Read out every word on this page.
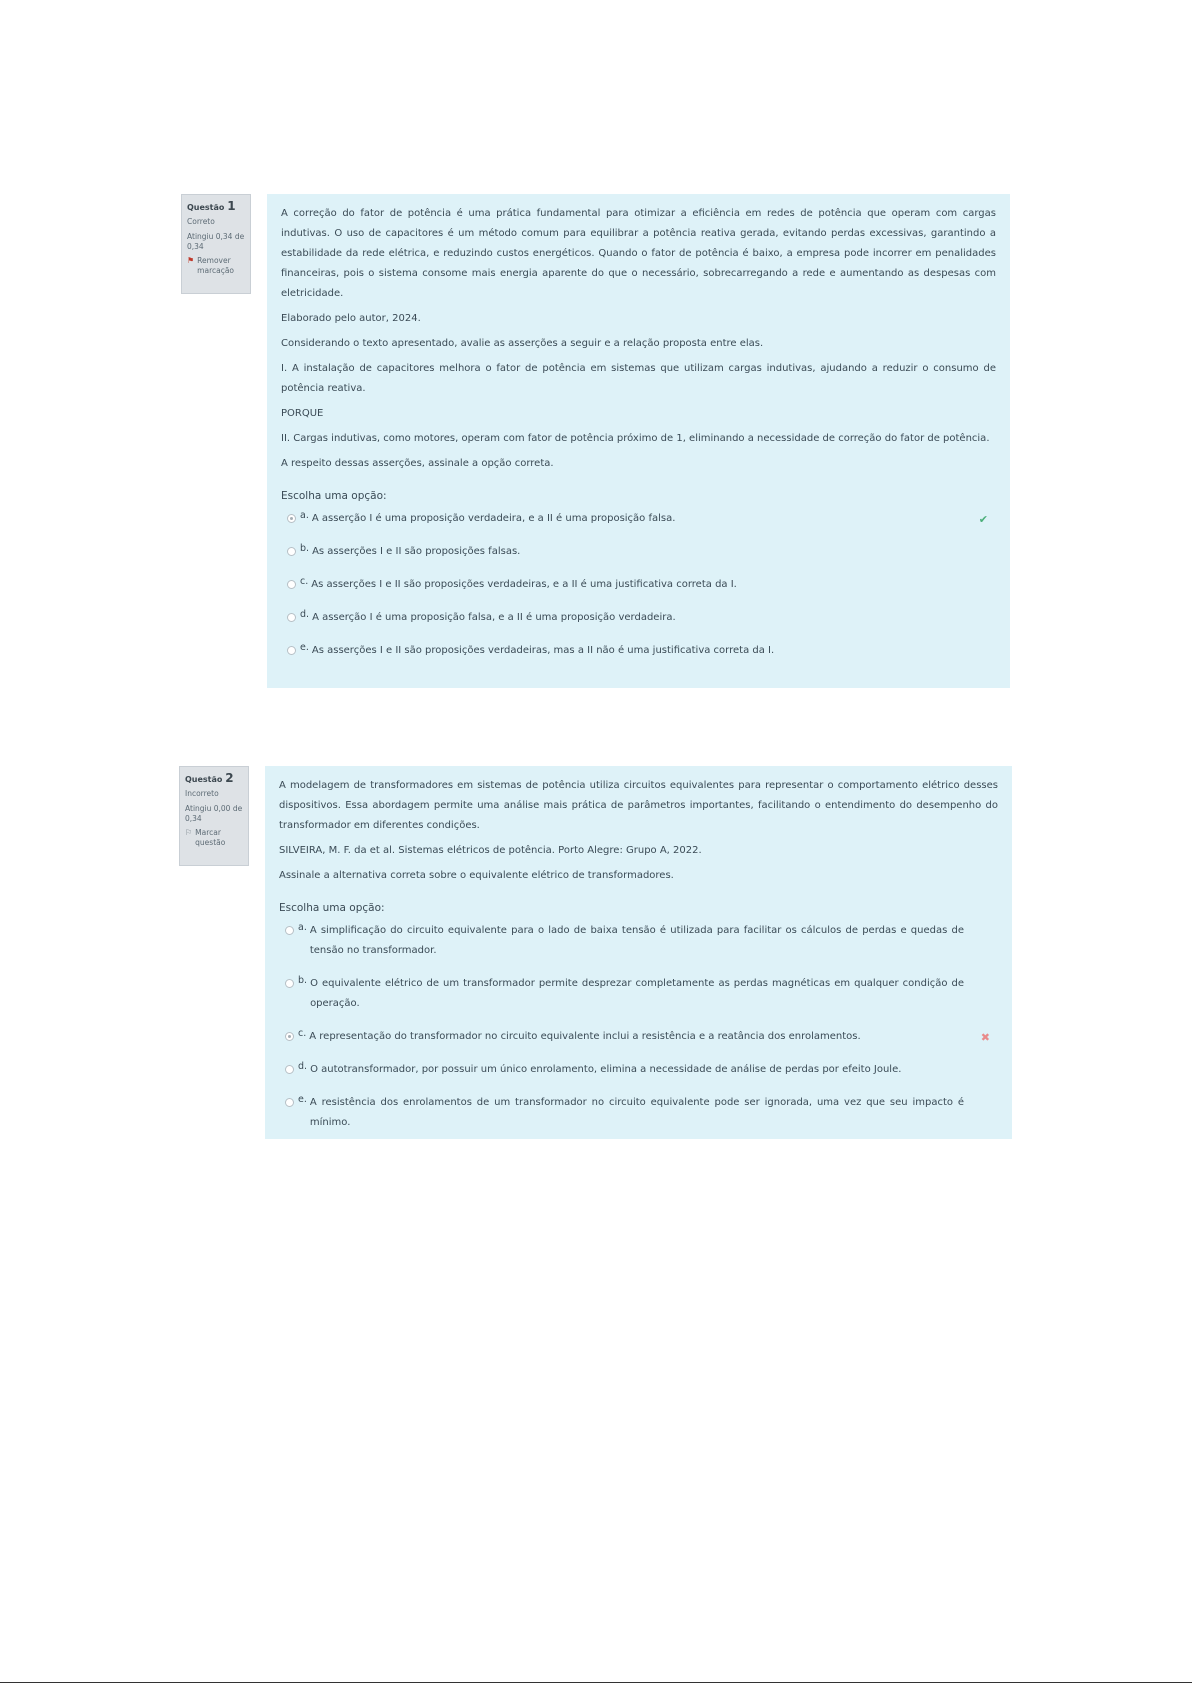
Questão 1
Correto
Atingiu 0,34 de 0,34
⚑ Remover marcação

A correção do fator de potência é uma prática fundamental para otimizar a eficiência em redes de potência que operam com cargas indutivas. O uso de capacitores é um método comum para equilibrar a potência reativa gerada, evitando perdas excessivas, garantindo a estabilidade da rede elétrica, e reduzindo custos energéticos. Quando o fator de potência é baixo, a empresa pode incorrer em penalidades financeiras, pois o sistema consome mais energia aparente do que o necessário, sobrecarregando a rede e aumentando as despesas com eletricidade.

Elaborado pelo autor, 2024.

Considerando o texto apresentado, avalie as asserções a seguir e a relação proposta entre elas.

I. A instalação de capacitores melhora o fator de potência em sistemas que utilizam cargas indutivas, ajudando a reduzir o consumo de potência reativa.

PORQUE

II. Cargas indutivas, como motores, operam com fator de potência próximo de 1, eliminando a necessidade de correção do fator de potência.

A respeito dessas asserções, assinale a opção correta.

Escolha uma opção:
a. A asserção I é uma proposição verdadeira, e a II é uma proposição falsa.	✔
b. As asserções I e II são proposições falsas.
c. As asserções I e II são proposições verdadeiras, e a II é uma justificativa correta da I.
d. A asserção I é uma proposição falsa, e a II é uma proposição verdadeira.
e. As asserções I e II são proposições verdadeiras, mas a II não é uma justificativa correta da I.
Questão 2
Incorreto
Atingiu 0,00 de 0,34
⚐ Marcar questão

A modelagem de transformadores em sistemas de potência utiliza circuitos equivalentes para representar o comportamento elétrico desses dispositivos. Essa abordagem permite uma análise mais prática de parâmetros importantes, facilitando o entendimento do desempenho do transformador em diferentes condições.

SILVEIRA, M. F. da et al. Sistemas elétricos de potência. Porto Alegre: Grupo A, 2022.

Assinale a alternativa correta sobre o equivalente elétrico de transformadores.

Escolha uma opção:
a. A simplificação do circuito equivalente para o lado de baixa tensão é utilizada para facilitar os cálculos de perdas e quedas de tensão no transformador.
b. O equivalente elétrico de um transformador permite desprezar completamente as perdas magnéticas em qualquer condição de operação.
c. A representação do transformador no circuito equivalente inclui a resistência e a reatância dos enrolamentos.	✖
d. O autotransformador, por possuir um único enrolamento, elimina a necessidade de análise de perdas por efeito Joule.
e. A resistência dos enrolamentos de um transformador no circuito equivalente pode ser ignorada, uma vez que seu impacto é mínimo.
